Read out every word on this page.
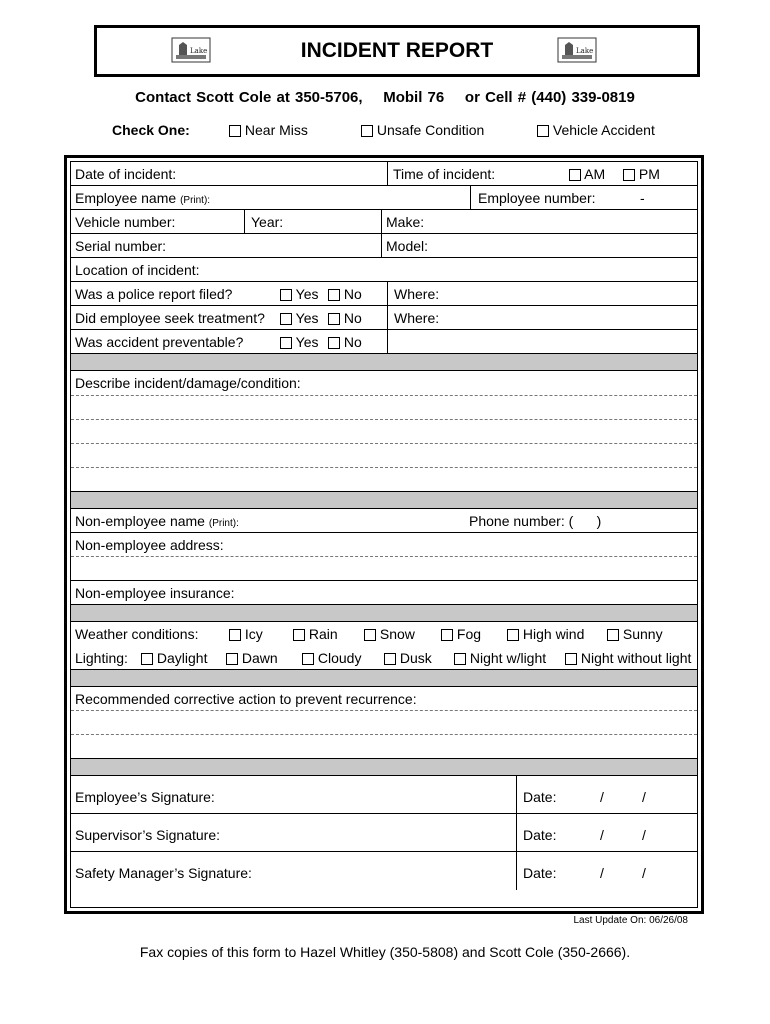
Lake	INCIDENT REPORT	Lake
Contact Scott Cole at 350-5706,    Mobil 76    or Cell # (440) 339-0819
Check One:	Near Miss	Unsafe Condition	Vehicle Accident
Date of incident:	Time of incident:	AM	PM
Employee name (Print):	Employee number:	-
Vehicle number:	Year:	Make:
Serial number:	Model:
Location of incident:
Was a police report filed?	Yes	No Where:
Did employee seek treatment?	Yes	No Where:
Was accident preventable?	Yes	No
Describe incident/damage/condition:
Non-employee name (Print):	Phone number: (      )
Non-employee address:
Non-employee insurance:
Weather conditions:	Icy	Rain	Snow	Fog	High wind	Sunny
Lighting:	Daylight	Dawn	Cloudy	Dusk	Night w/light	Night without light
Recommended corrective action to prevent recurrence:
Employee’s Signature:	Date:	/	/
Supervisor’s Signature:	Date:	/	/
Safety Manager’s Signature:	Date:	/	/
Last Update On: 06/26/08
Fax copies of this form to Hazel Whitley (350-5808) and Scott Cole (350-2666).
